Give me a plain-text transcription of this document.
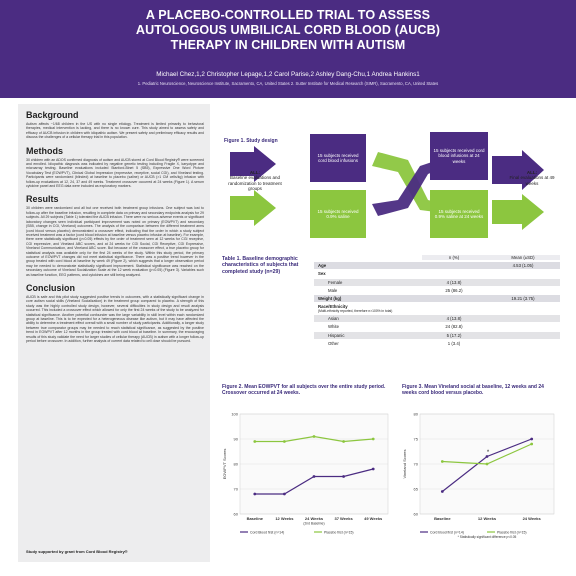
A PLACEBO-CONTROLLED TRIAL TO ASSESS
AUTOLOGOUS UMBILICAL CORD BLOOD (AUCB)
THERAPY IN CHILDREN WITH AUTISM
Michael Chez,1,2 Christopher Lepage,1,2 Carol Parise,2 Ashley Dang-Chu,1 Andrea Hankins1
1. Pediatric Neuroscience, Neuroscience Institute, Sacramento, CA, United States 2. Sutter Institute for Medical Research (SIMR), Sacramento, CA, United States
Background
Autism affects ~1/68 children in the US with no single etiology. Treatment is limited primarily to behavioral therapies, medical intervention is lacking, and there is no known cure. This study aimed to assess safety and efficacy of AUCB infusion in children with idiopathic autism. We present safety and preliminary efficacy results and discuss the challenges of a cellular therapy trial in this population.
Methods
30 children with an ADOS confirmed diagnosis of autism and AUCB stored at Cord Blood Registry® were screened and enrolled. Idiopathic diagnosis was indicated by negative genetic testing including Fragile X, karyotype and microarray testing. Baseline evaluations included Stanford-Binet 5 (SB5), Expressive One Word Picture Vocabulary Test (EOWPVT), Clinical Global Impression (expressive, receptive, social CGI), and Vineland testing. Participants were randomized (blinded) at baseline to placebo (saline) or AUCB (>1 CM cells/kg) infusion with follow-up evaluations at 12, 24, 37 and 49 weeks. Treatment crossover occurred at 24 weeks (Figure 1). A serum cytokine panel and EEG data were included as exploratory markers.
Results
30 children were randomized and all but one received both treatment group infusions. One subject was lost to follow-up after the baseline infusion, resulting in complete data on primary and secondary endpoints analysis for 29 subjects. All 29 subjects (Table 1) tolerated the AUCB infusion. There were no serious adverse events or significant laboratory changes seen individual participant improvement was noted on primary (EOWPVT) and secondary (SB5, change in CGI, Vineland) outcomes. The analysis of the comparison between the different treatment arms (cord blood versus placebo) demonstrated a crossover effect, indicating that the order in which a study subject received treatment was a factor (cord blood infusion at baseline versus placebo infusion at baseline). For example, there were statistically significant (p<0.05) effects by the order of treatment seen at 12 weeks for CGI receptive, CGI expressive, and Vineland ABC scores, and at 24 weeks for CGI Social, CGI Receptive, CGI Expressive, Vineland Communication, and Vineland ABC score. But because of the crossover effect, a true placebo group for statistical analysis was available only for the first 24 weeks of the study. Within this study period, the primary outcome of EOWPVT changes did not meet statistical significance. There was a positive trend however in the group treated with cord blood at baseline by week 49 (Figure 2), which suggests that a longer observation period may be needed to demonstrate statistically significant improvement. Statistical significance was reached on the secondary outcome of Vineland Socialization Scale at the 12 week evaluation (p<0.05) (Figure 3). Variables such as baseline function, EEG patterns, and cytokines are still being analyzed.
Conclusion
AUCB is safe and this pilot study suggested positive trends in outcomes, with a statistically significant change in core autism social skills (Vineland Socialization) in the treatment group compared to placebo. A strength of this study was the highly controlled study design, however, several difficulties in study design and result analysis occurred. This included a crossover effect which allowed for only the first 24 weeks of the study to be analyzed for statistical significance. Another potential confounder was the large variability in skill level within each randomized group at baseline. This is to be expected for a heterogeneous disease like autism, but it may have affected the ability to determine a treatment effect overall with a small number of study participants. Additionally, a longer study between true comparator groups may be needed to reach statistical significance, as suggested by the positive trend in EOWPVT after 12 months in the group treated with cord blood at baseline. In summary, the encouraging results of this study validate the need for larger studies of cellular therapy (AUCB) in autism with a longer follow-up period before crossover. In addition, further analysis of current data related to cell dose should be pursued.
Study supported by grant from Cord Blood Registry®
Figure 1. Study design
ALL:
Baseline evaluations and randomization to treatment groups
15 subjects received cord blood infusions
15 subjects received 0.9% saline
15 subjects received cord blood infusions at 24 weeks
15 subjects received 0.9% saline at 24 weeks
ALL:
Final evaluations at 49 weeks
Table 1. Baseline demographic characteristics of subjects that completed study (n=29)
n (%)	Mean (±SD)
Age	4.53 (1.05)
Sex
Female	4 (13.8)
Male	25 (86.2)
Weight (kg)	19.21 (3.75)
Race/Ethnicity
(Multi-ethnicity reported, therefore n>100% in total)
Asian	4 (13.8)
White	24 (82.8)
Hispanic	5 (17.2)
Other	1 (3.4)
Figure 2. Mean EOWPVT for all subjects over the entire study period. Crossover occurred at 24 weeks.
Figure 3. Mean Vineland social at baseline, 12 weeks and 24 weeks cord blood versus placebo.
60
70
80
90
100
EOWPVT Scores
Baseline	12 Weeks	24 Weeks
(2nd Baseline)
37 Weeks	49 Weeks
Cord Blood first (n=14)	Placebo first (n=15)
60
65
70
75
80
Vineland Scores
Baseline	12 Weeks	24 Weeks
*
Cord blood first (n=14)	Placebo first (n=15)
* Statistically significant difference p<0.05
